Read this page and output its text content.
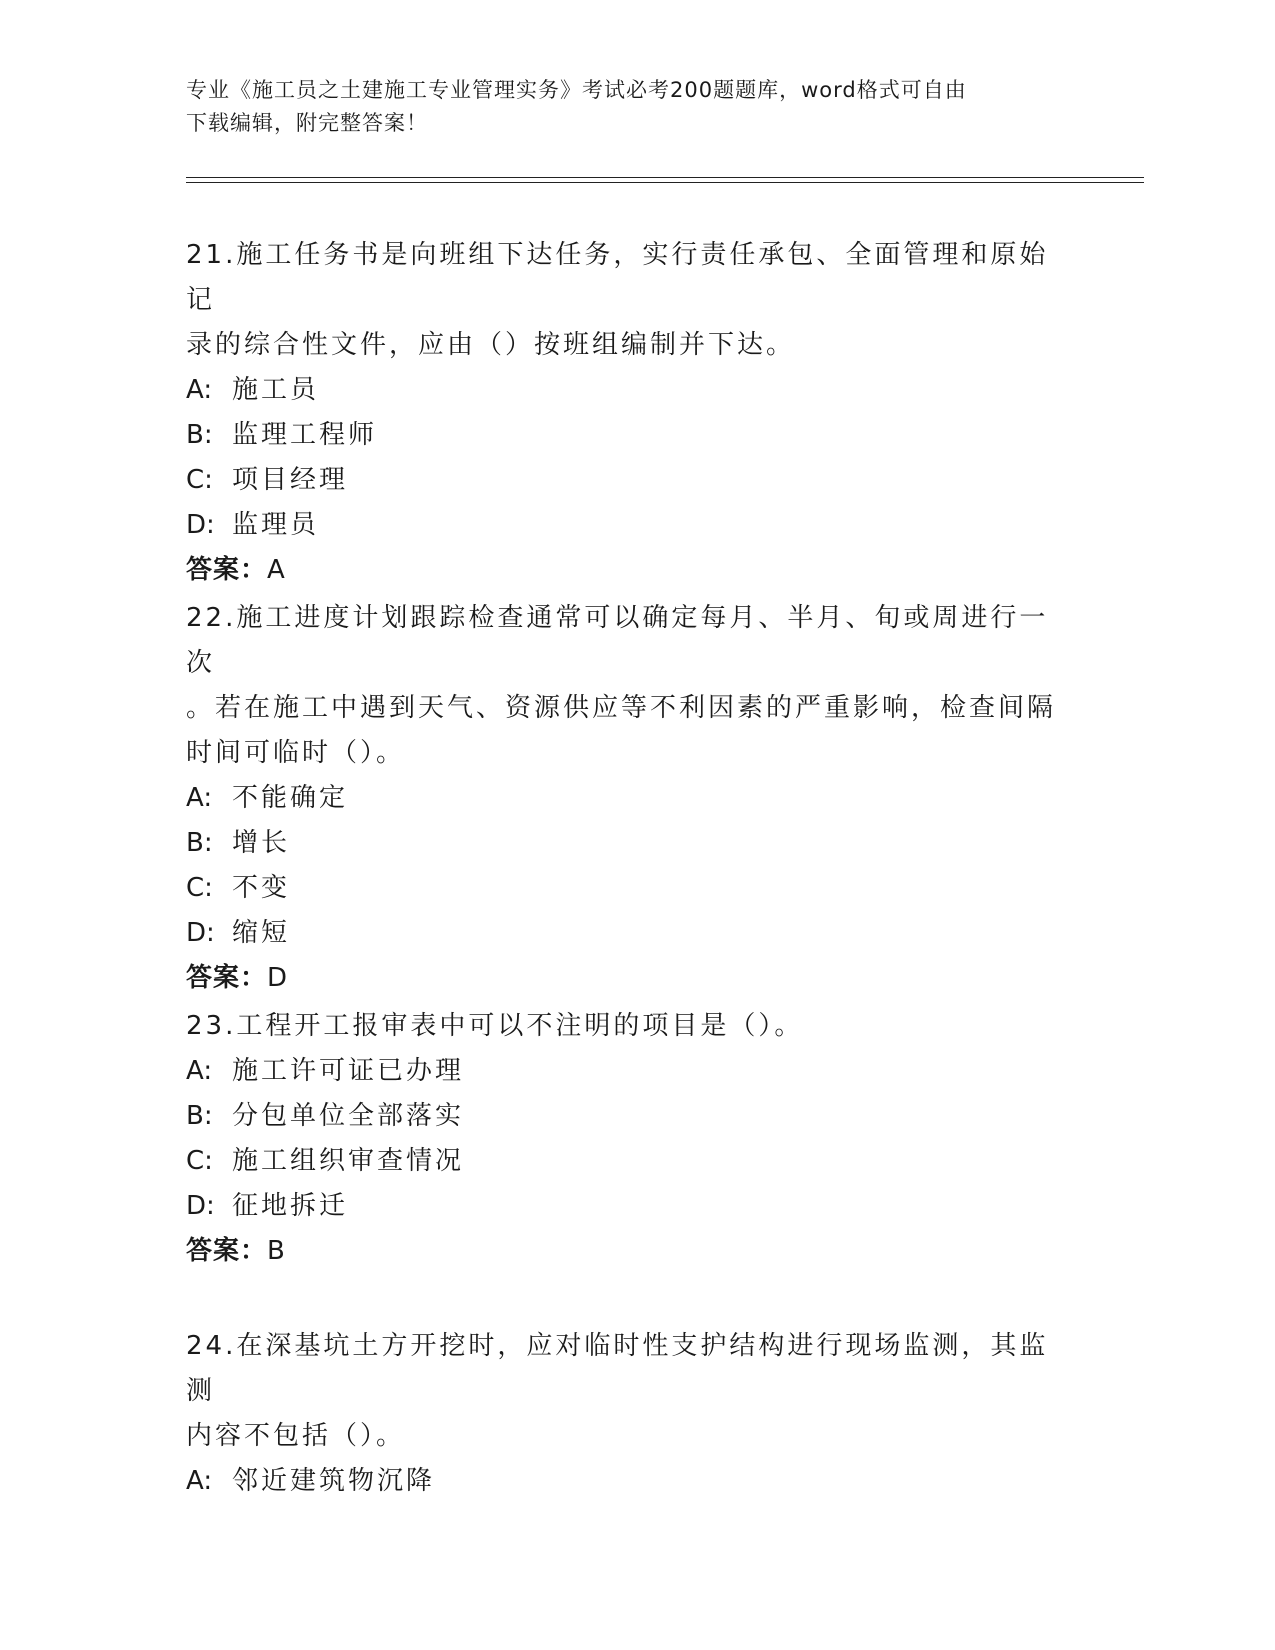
专业《施工员之土建施工专业管理实务》考试必考200题题库，word格式可自由
下载编辑，附完整答案！

21.施工任务书是向班组下达任务，实行责任承包、全面管理和原始记

录的综合性文件，应由（）按班组编制并下达。

A: 施工员

B: 监理工程师

C: 项目经理

D: 监理员

答案：A

22.施工进度计划跟踪检查通常可以确定每月、半月、旬或周进行一次

。若在施工中遇到天气、资源供应等不利因素的严重影响，检查间隔

时间可临时（）。

A: 不能确定

B: 增长

C: 不变

D: 缩短

答案：D

23.工程开工报审表中可以不注明的项目是（）。

A: 施工许可证已办理

B: 分包单位全部落实

C: 施工组织审查情况

D: 征地拆迁

答案：B

24.在深基坑土方开挖时，应对临时性支护结构进行现场监测，其监测

内容不包括（）。

A: 邻近建筑物沉降
